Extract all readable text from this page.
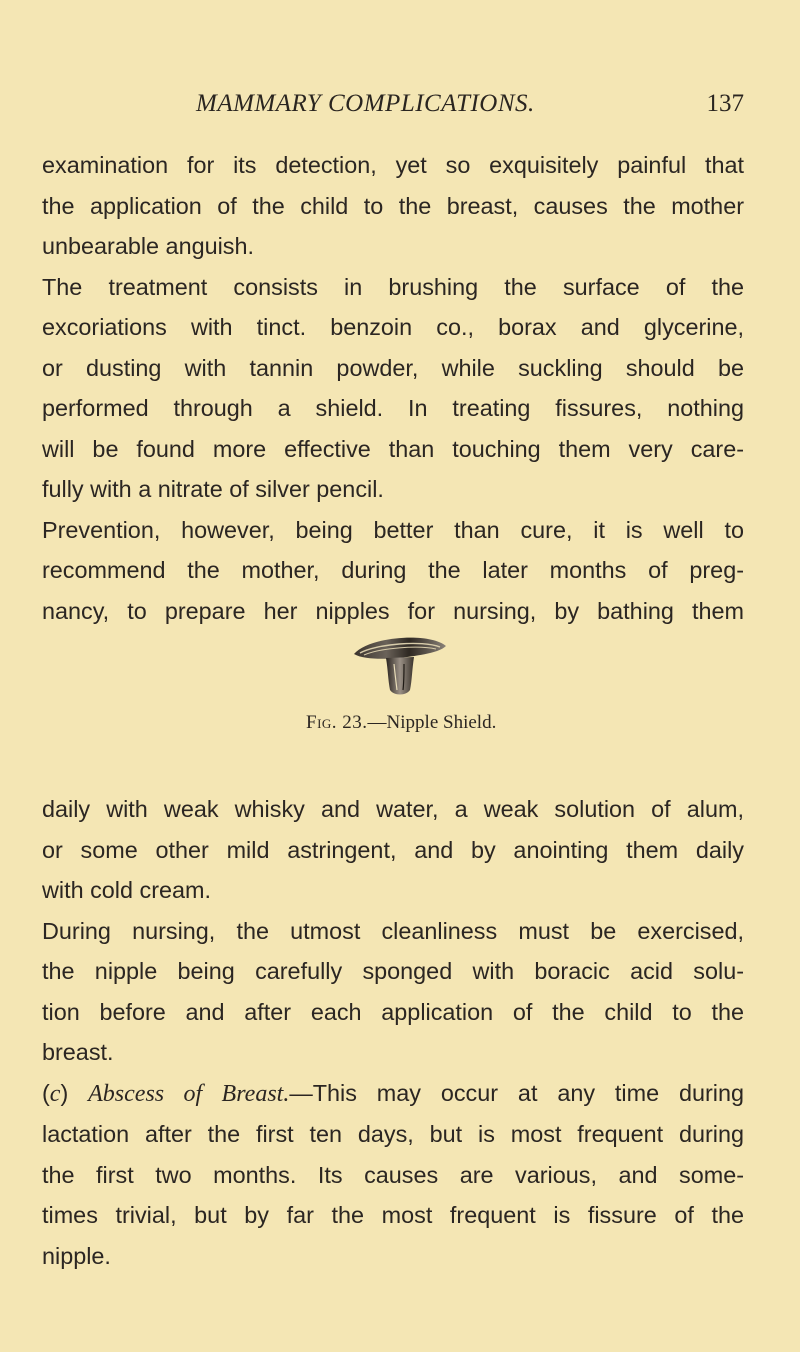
MAMMARY COMPLICATIONS.	137
examination for its detection, yet so exquisitely painful that
the application of the child to the breast, causes the mother
unbearable anguish.
The treatment consists in brushing the surface of the
excoriations with tinct. benzoin co., borax and glycerine,
or dusting with tannin powder, while suckling should be
performed through a shield. In treating fissures, nothing
will be found more effective than touching them very care-
fully with a nitrate of silver pencil.
Prevention, however, being better than cure, it is well to
recommend the mother, during the later months of preg-
nancy, to prepare her nipples for nursing, by bathing them
Fig. 23.—Nipple Shield.
daily with weak whisky and water, a weak solution of alum,
or some other mild astringent, and by anointing them daily
with cold cream.
During nursing, the utmost cleanliness must be exercised,
the nipple being carefully sponged with boracic acid solu-
tion before and after each application of the child to the
breast.
(c) Abscess of Breast.—This may occur at any time during
lactation after the first ten days, but is most frequent during
the first two months. Its causes are various, and some-
times trivial, but by far the most frequent is fissure of the
nipple.
